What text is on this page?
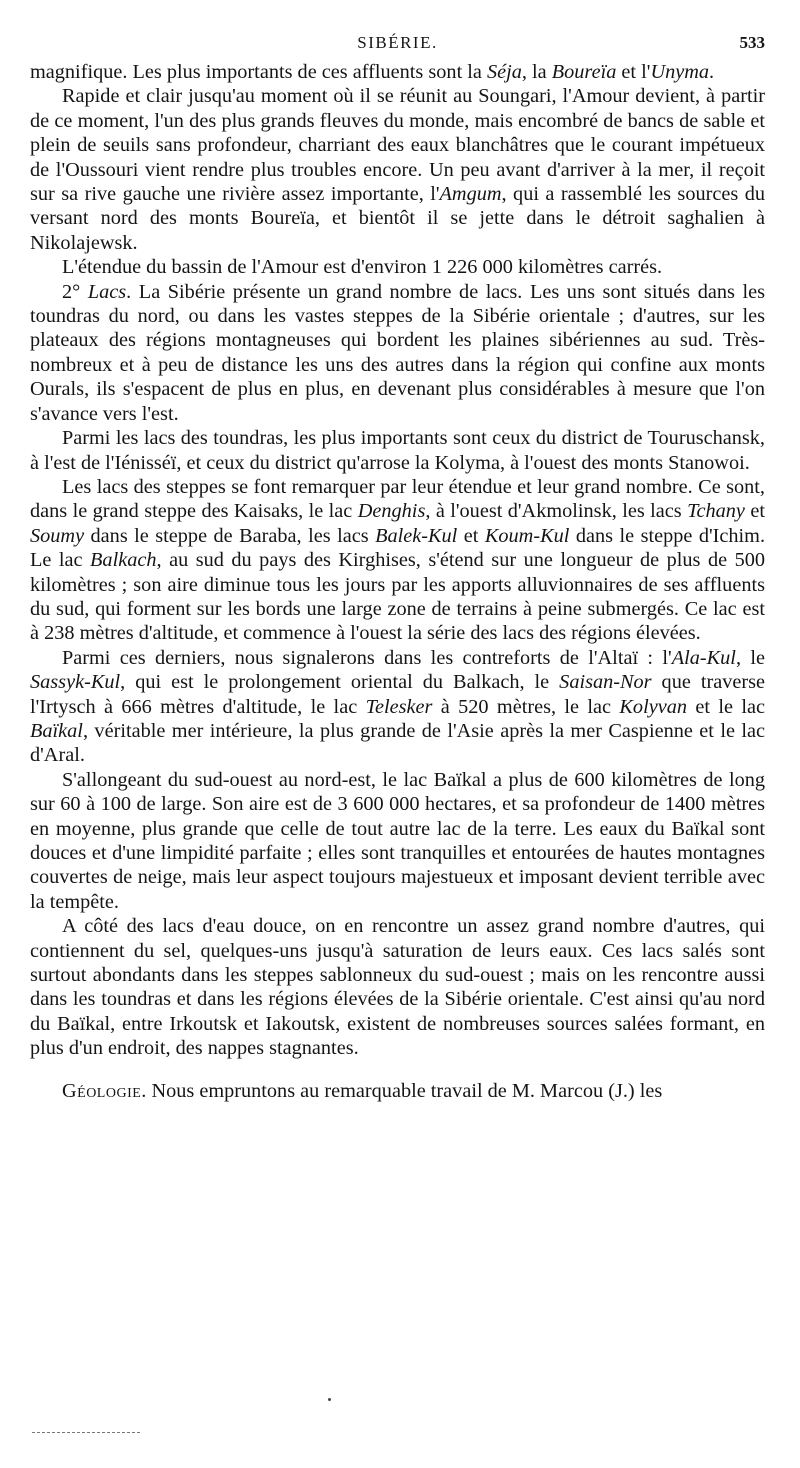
SIBÉRIE.	533

magnifique. Les plus importants de ces affluents sont la Séja, la Boureïa et l'Unyma.

Rapide et clair jusqu'au moment où il se réunit au Soungari, l'Amour devient, à partir de ce moment, l'un des plus grands fleuves du monde, mais encombré de bancs de sable et plein de seuils sans profondeur, charriant des eaux blanchâtres que le courant impétueux de l'Oussouri vient rendre plus troubles encore. Un peu avant d'arriver à la mer, il reçoit sur sa rive gauche une rivière assez importante, l'Amgum, qui a rassemblé les sources du versant nord des monts Boureïa, et bientôt il se jette dans le détroit saghalien à Nikolajewsk.

L'étendue du bassin de l'Amour est d'environ 1 226 000 kilomètres carrés.

2° Lacs. La Sibérie présente un grand nombre de lacs. Les uns sont situés dans les toundras du nord, ou dans les vastes steppes de la Sibérie orientale ; d'autres, sur les plateaux des régions montagneuses qui bordent les plaines sibériennes au sud. Très-nombreux et à peu de distance les uns des autres dans la région qui confine aux monts Ourals, ils s'espacent de plus en plus, en devenant plus considérables à mesure que l'on s'avance vers l'est.

Parmi les lacs des toundras, les plus importants sont ceux du district de Touruschansk, à l'est de l'Iénisséï, et ceux du district qu'arrose la Kolyma, à l'ouest des monts Stanowoi.

Les lacs des steppes se font remarquer par leur étendue et leur grand nombre. Ce sont, dans le grand steppe des Kaisaks, le lac Denghis, à l'ouest d'Akmolinsk, les lacs Tchany et Soumy dans le steppe de Baraba, les lacs Balek-Kul et Koum-Kul dans le steppe d'Ichim. Le lac Balkach, au sud du pays des Kirghises, s'étend sur une longueur de plus de 500 kilomètres ; son aire diminue tous les jours par les apports alluvionnaires de ses affluents du sud, qui forment sur les bords une large zone de terrains à peine submergés. Ce lac est à 238 mètres d'altitude, et commence à l'ouest la série des lacs des régions élevées.

Parmi ces derniers, nous signalerons dans les contreforts de l'Altaï : l'Ala-Kul, le Sassyk-Kul, qui est le prolongement oriental du Balkach, le Saisan-Nor que traverse l'Irtysch à 666 mètres d'altitude, le lac Telesker à 520 mètres, le lac Kolyvan et le lac Baïkal, véritable mer intérieure, la plus grande de l'Asie après la mer Caspienne et le lac d'Aral.

S'allongeant du sud-ouest au nord-est, le lac Baïkal a plus de 600 kilomètres de long sur 60 à 100 de large. Son aire est de 3 600 000 hectares, et sa profondeur de 1400 mètres en moyenne, plus grande que celle de tout autre lac de la terre. Les eaux du Baïkal sont douces et d'une limpidité parfaite ; elles sont tranquilles et entourées de hautes montagnes couvertes de neige, mais leur aspect toujours majestueux et imposant devient terrible avec la tempête.

A côté des lacs d'eau douce, on en rencontre un assez grand nombre d'autres, qui contiennent du sel, quelques-uns jusqu'à saturation de leurs eaux. Ces lacs salés sont surtout abondants dans les steppes sablonneux du sud-ouest ; mais on les rencontre aussi dans les toundras et dans les régions élevées de la Sibérie orientale. C'est ainsi qu'au nord du Baïkal, entre Irkoutsk et Iakoutsk, existent de nombreuses sources salées formant, en plus d'un endroit, des nappes stagnantes.

Géologie. Nous empruntons au remarquable travail de M. Marcou (J.) les
